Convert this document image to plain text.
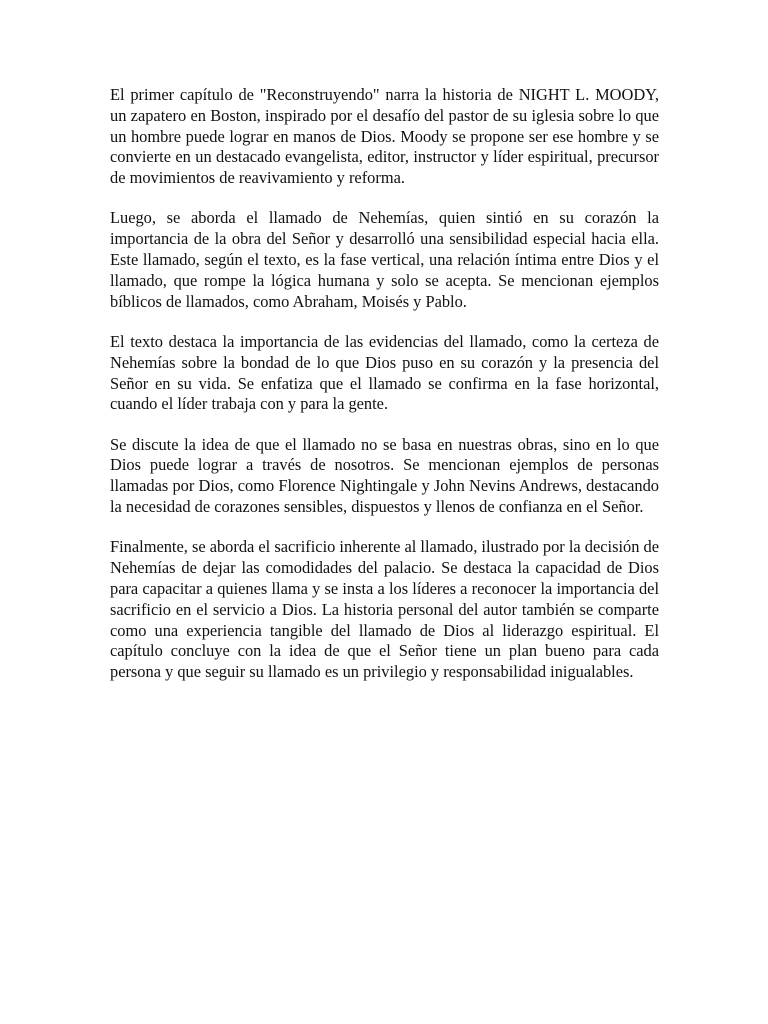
El primer capítulo de "Reconstruyendo" narra la historia de NIGHT L. MOODY, un zapatero en Boston, inspirado por el desafío del pastor de su iglesia sobre lo que un hombre puede lograr en manos de Dios. Moody se propone ser ese hombre y se convierte en un destacado evangelista, editor, instructor y líder espiritual, precursor de movimientos de reavivamiento y reforma.

Luego, se aborda el llamado de Nehemías, quien sintió en su corazón la importancia de la obra del Señor y desarrolló una sensibilidad especial hacia ella. Este llamado, según el texto, es la fase vertical, una relación íntima entre Dios y el llamado, que rompe la lógica humana y solo se acepta. Se mencionan ejemplos bíblicos de llamados, como Abraham, Moisés y Pablo.

El texto destaca la importancia de las evidencias del llamado, como la certeza de Nehemías sobre la bondad de lo que Dios puso en su corazón y la presencia del Señor en su vida. Se enfatiza que el llamado se confirma en la fase horizontal, cuando el líder trabaja con y para la gente.

Se discute la idea de que el llamado no se basa en nuestras obras, sino en lo que Dios puede lograr a través de nosotros. Se mencionan ejemplos de personas llamadas por Dios, como Florence Nightingale y John Nevins Andrews, destacando la necesidad de corazones sensibles, dispuestos y llenos de confianza en el Señor.

Finalmente, se aborda el sacrificio inherente al llamado, ilustrado por la decisión de Nehemías de dejar las comodidades del palacio. Se destaca la capacidad de Dios para capacitar a quienes llama y se insta a los líderes a reconocer la importancia del sacrificio en el servicio a Dios. La historia personal del autor también se comparte como una experiencia tangible del llamado de Dios al liderazgo espiritual. El capítulo concluye con la idea de que el Señor tiene un plan bueno para cada persona y que seguir su llamado es un privilegio y responsabilidad inigualables.
